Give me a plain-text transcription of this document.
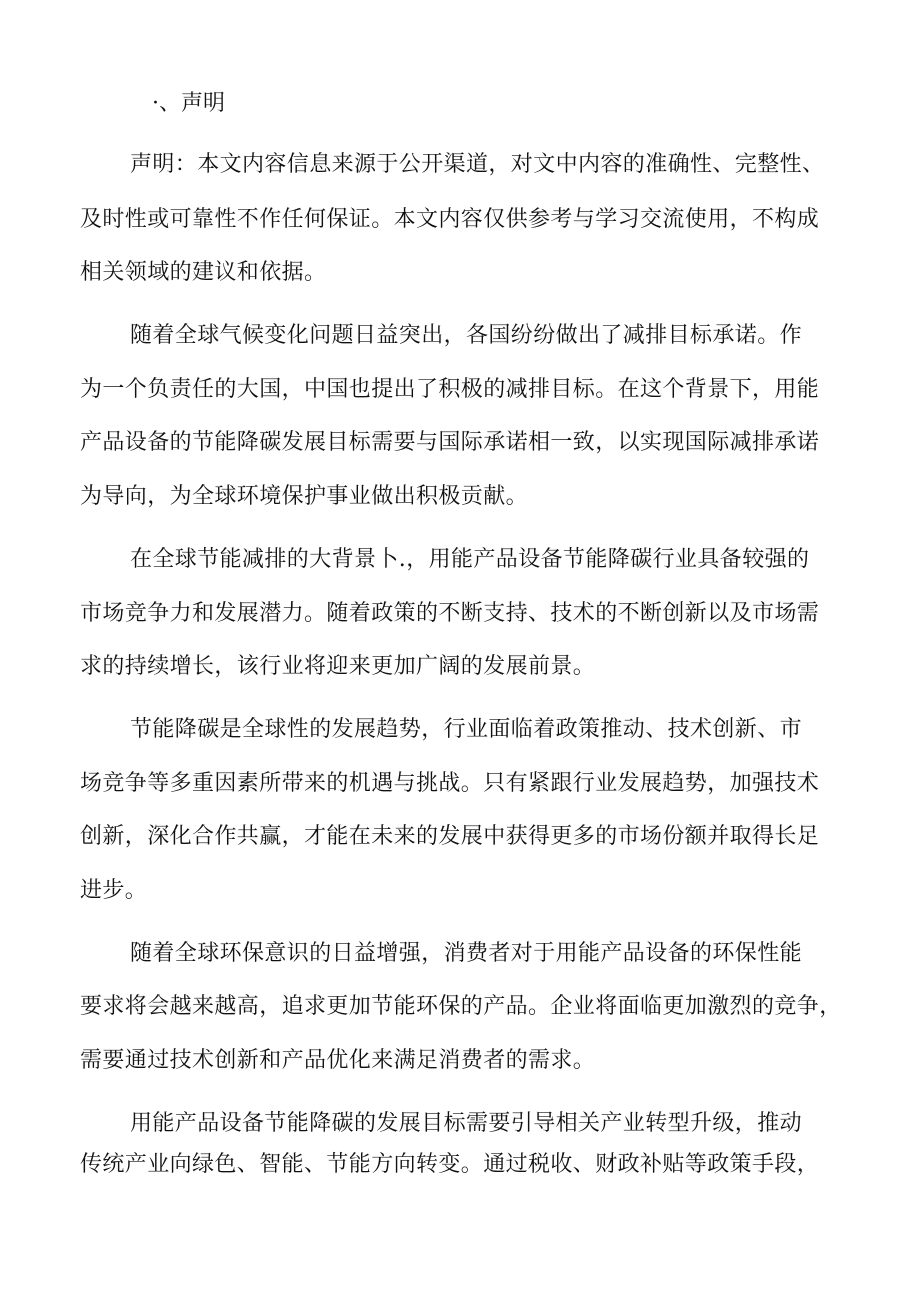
·、声明
声明：本文内容信息来源于公开渠道，对文中内容的准确性、完整性、
及时性或可靠性不作任何保证。本文内容仅供参考与学习交流使用，不构成
相关领域的建议和依据。
随着全球气候变化问题日益突出，各国纷纷做出了减排目标承诺。作
为一个负责任的大国，中国也提出了积极的减排目标。在这个背景下，用能
产品设备的节能降碳发展目标需要与国际承诺相一致，以实现国际减排承诺
为导向，为全球环境保护事业做出积极贡献。
在全球节能减排的大背景卜.，用能产品设备节能降碳行业具备较强的
市场竞争力和发展潜力。随着政策的不断支持、技术的不断创新以及市场需
求的持续增长，该行业将迎来更加广阔的发展前景。
节能降碳是全球性的发展趋势，行业面临着政策推动、技术创新、市
场竞争等多重因素所带来的机遇与挑战。只有紧跟行业发展趋势，加强技术
创新，深化合作共赢，才能在未来的发展中获得更多的市场份额并取得长足
进步。
随着全球环保意识的日益增强，消费者对于用能产品设备的环保性能
要求将会越来越高，追求更加节能环保的产品。企业将面临更加激烈的竞争，
需要通过技术创新和产品优化来满足消费者的需求。
用能产品设备节能降碳的发展目标需要引导相关产业转型升级，推动
传统产业向绿色、智能、节能方向转变。通过税收、财政补贴等政策手段，
